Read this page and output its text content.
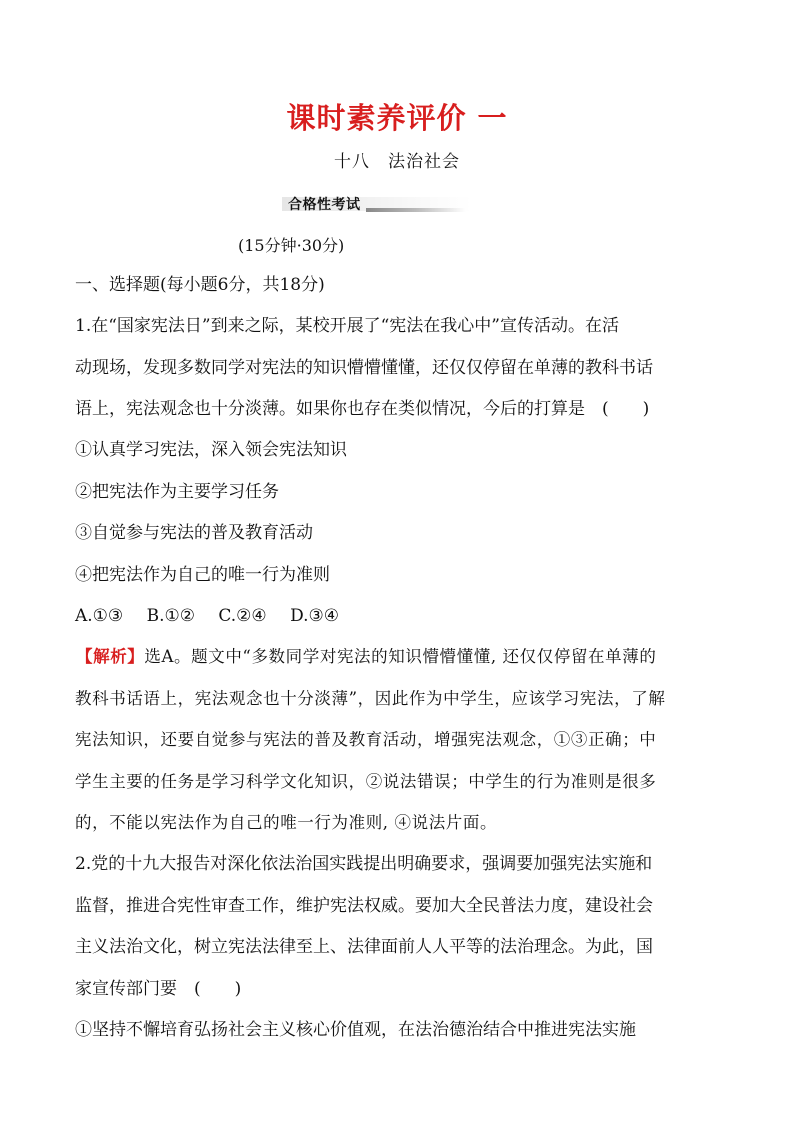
课时素养评价 一
十八　法治社会
合格性考试
(15分钟·30分)
一、选择题(每小题6分，共18分)
1.在“国家宪法日”到来之际，某校开展了“宪法在我心中”宣传活动。在活
动现场，发现多数同学对宪法的知识懵懵懂懂，还仅仅停留在单薄的教科书话
语上，宪法观念也十分淡薄。如果你也存在类似情况，今后的打算是　(　　)
①认真学习宪法，深入领会宪法知识
②把宪法作为主要学习任务
③自觉参与宪法的普及教育活动
④把宪法作为自己的唯一行为准则
A.①③ B.①② C.②④ D.③④
【解析】选A。题文中“多数同学对宪法的知识懵懵懂懂, 还仅仅停留在单薄的
教科书话语上，宪法观念也十分淡薄”，因此作为中学生，应该学习宪法，了解
宪法知识，还要自觉参与宪法的普及教育活动，增强宪法观念，①③正确；中
学生主要的任务是学习科学文化知识，②说法错误；中学生的行为准则是很多
的，不能以宪法作为自己的唯一行为准则, ④说法片面。
2.党的十九大报告对深化依法治国实践提出明确要求，强调要加强宪法实施和
监督，推进合宪性审查工作，维护宪法权威。要加大全民普法力度，建设社会
主义法治文化，树立宪法法律至上、法律面前人人平等的法治理念。为此，国
家宣传部门要　(　　)
①坚持不懈培育弘扬社会主义核心价值观，在法治德治结合中推进宪法实施
